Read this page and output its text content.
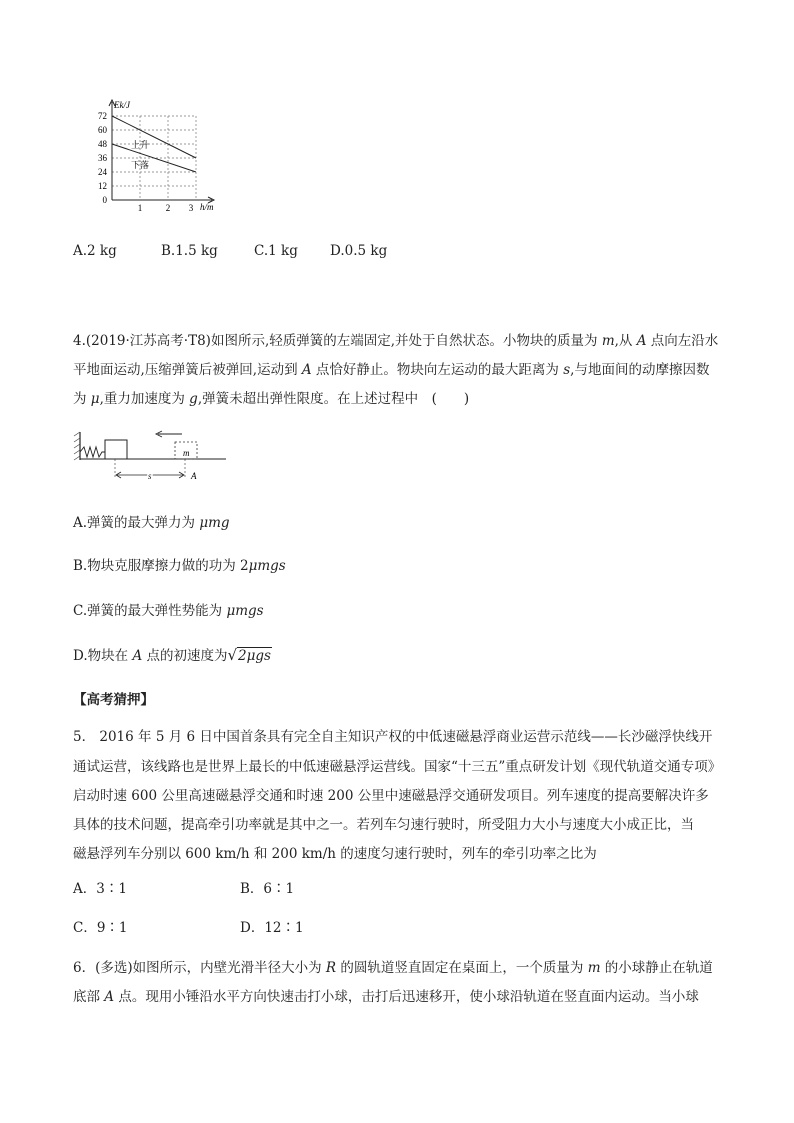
Ek/J
h/m
72
60
48
36
24
12
0
1	2 3
上升
下落
A.2 kg	B.1.5 kg	C.1 kg D.0.5 kg
4.(2019·江苏高考·T8)如图所示,轻质弹簧的左端固定,并处于自然状态。小物块的质量为 m,从 A 点向左沿水
平地面运动,压缩弹簧后被弹回,运动到 A 点恰好静止。物块向左运动的最大距离为 s,与地面间的动摩擦因数
为 μ,重力加速度为 g,弹簧未超出弹性限度。在上述过程中　(　　)
m
s	A
A.弹簧的最大弹力为 μmg
B.物块克服摩擦力做的功为 2μmgs
C.弹簧的最大弹性势能为 μmgs
D.物块在 A 点的初速度为√2μgs
【高考猜押】
5． 2016 年 5 月 6 日中国首条具有完全自主知识产权的中低速磁悬浮商业运营示范线——长沙磁浮快线开
通试运营，该线路也是世界上最长的中低速磁悬浮运营线。国家“十三五”重点研发计划《现代轨道交通专项》
启动时速 600 公里高速磁悬浮交通和时速 200 公里中速磁悬浮交通研发项目。列车速度的提高要解决许多
具体的技术问题，提高牵引功率就是其中之一。若列车匀速行驶时，所受阻力大小与速度大小成正比，当
磁悬浮列车分别以 600 km/h 和 200 km/h 的速度匀速行驶时，列车的牵引功率之比为
A．3∶1	B．6∶1
C．9∶1	D．12∶1
6．(多选)如图所示，内壁光滑半径大小为 R 的圆轨道竖直固定在桌面上，一个质量为 m 的小球静止在轨道
底部 A 点。现用小锤沿水平方向快速击打小球，击打后迅速移开，使小球沿轨道在竖直面内运动。当小球
